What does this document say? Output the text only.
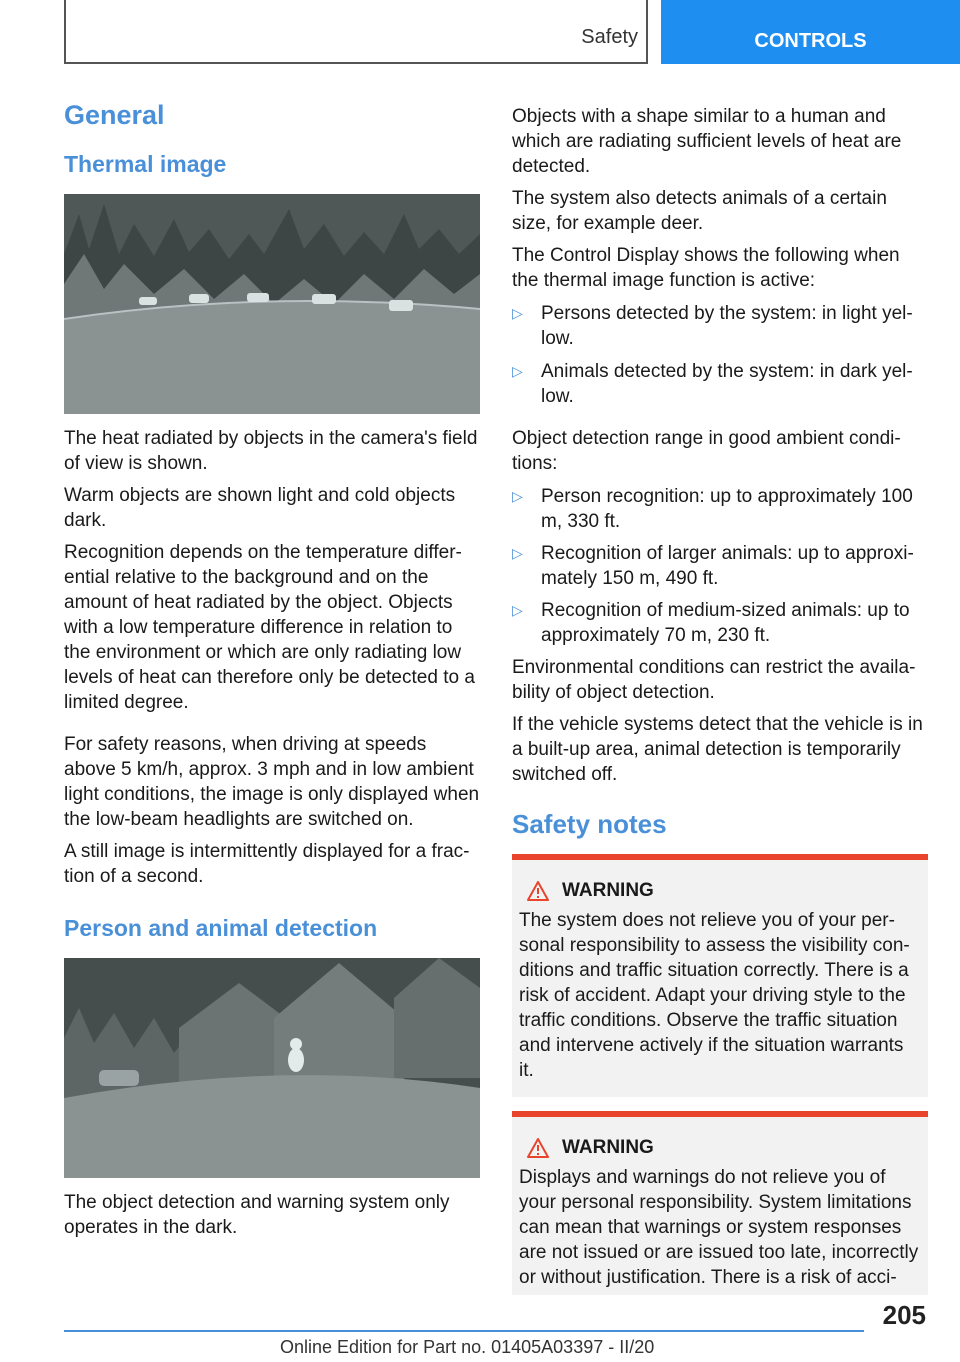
Safety	CONTROLS
General
Thermal image

The heat radiated by objects in the camera's field of view is shown.

Warm objects are shown light and cold objects dark.

Recognition depends on the temperature differ-ential relative to the background and on the amount of heat radiated by the object. Objects with a low temperature difference in relation to the environment or which are only radiating low levels of heat can therefore only be detected to a limited degree.

For safety reasons, when driving at speeds above 5 km/h, approx. 3 mph and in low ambient light conditions, the image is only displayed when the low-beam headlights are switched on.

A still image is intermittently displayed for a frac-tion of a second.

Person and animal detection

The object detection and warning system only operates in the dark.

Objects with a shape similar to a human and which are radiating sufficient levels of heat are detected.

The system also detects animals of a certain size, for example deer.

The Control Display shows the following when the thermal image function is active:

▷ Persons detected by the system: in light yel-low.
▷ Animals detected by the system: in dark yel-low.

Object detection range in good ambient condi-tions:

▷ Person recognition: up to approximately 100 m, 330 ft.
▷ Recognition of larger animals: up to approxi-mately 150 m, 490 ft.
▷ Recognition of medium-sized animals: up to approximately 70 m, 230 ft.

Environmental conditions can restrict the availa-bility of object detection.

If the vehicle systems detect that the vehicle is in a built-up area, animal detection is temporarily switched off.

Safety notes
WARNING

The system does not relieve you of your per-sonal responsibility to assess the visibility con-ditions and traffic situation correctly. There is a risk of accident. Adapt your driving style to the traffic conditions. Observe the traffic situation and intervene actively if the situation warrants it.

WARNING

Displays and warnings do not relieve you of your personal responsibility. System limitations can mean that warnings or system responses are not issued or are issued too late, incorrectly or without justification. There is a risk of acci-

205
Online Edition for Part no. 01405A03397 - II/20
